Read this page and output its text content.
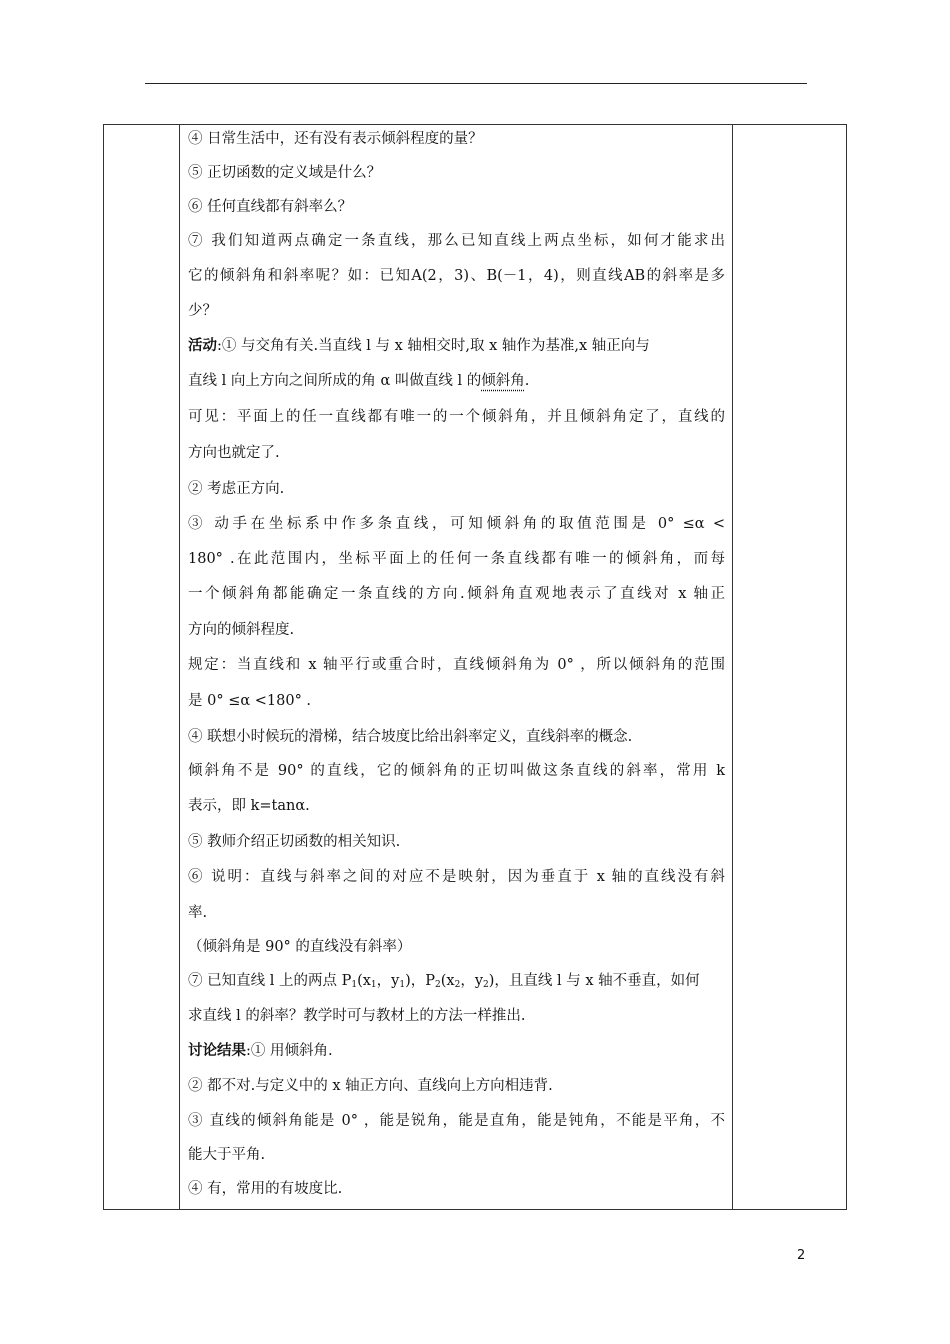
④ 日常生活中，还有没有表示倾斜程度的量？
⑤ 正切函数的定义域是什么？
⑥ 任何直线都有斜率么？
⑦ 我们知道两点确定一条直线，那么已知直线上两点坐标，如何才能求出
它的倾斜角和斜率呢？如：已知A(2，3)、B(－1，4)，则直线AB的斜率是多
少？
活动:① 与交角有关.当直线 l 与 x 轴相交时,取 x 轴作为基准,x 轴正向与
直线 l 向上方向之间所成的角 α 叫做直线 l 的倾斜角.
可见：平面上的任一直线都有唯一的一个倾斜角，并且倾斜角定了，直线的
方向也就定了.
② 考虑正方向.
③ 动手在坐标系中作多条直线，可知倾斜角的取值范围是 0° ≤α <
180° .在此范围内，坐标平面上的任何一条直线都有唯一的倾斜角，而每
一个倾斜角都能确定一条直线的方向.倾斜角直观地表示了直线对 x 轴正
方向的倾斜程度.
规定：当直线和 x 轴平行或重合时，直线倾斜角为 0° ，所以倾斜角的范围
是 0° ≤α <180° .
④ 联想小时候玩的滑梯，结合坡度比给出斜率定义，直线斜率的概念.
倾斜角不是 90° 的直线，它的倾斜角的正切叫做这条直线的斜率，常用 k
表示，即 k=tanα.
⑤ 教师介绍正切函数的相关知识.
⑥ 说明：直线与斜率之间的对应不是映射，因为垂直于 x 轴的直线没有斜
率.
（倾斜角是 90° 的直线没有斜率）
⑦ 已知直线 l 上的两点 $P_1(x_1$，$y_1$)，$P_2(x_2$，$y_2$)，且直线 l 与 x 轴不垂直，如何
求直线 l 的斜率？教学时可与教材上的方法一样推出.
讨论结果:① 用倾斜角.
② 都不对.与定义中的 x 轴正方向、直线向上方向相违背.
③ 直线的倾斜角能是 0° ，能是锐角，能是直角，能是钝角，不能是平角，不
能大于平角.
④ 有，常用的有坡度比.
2
